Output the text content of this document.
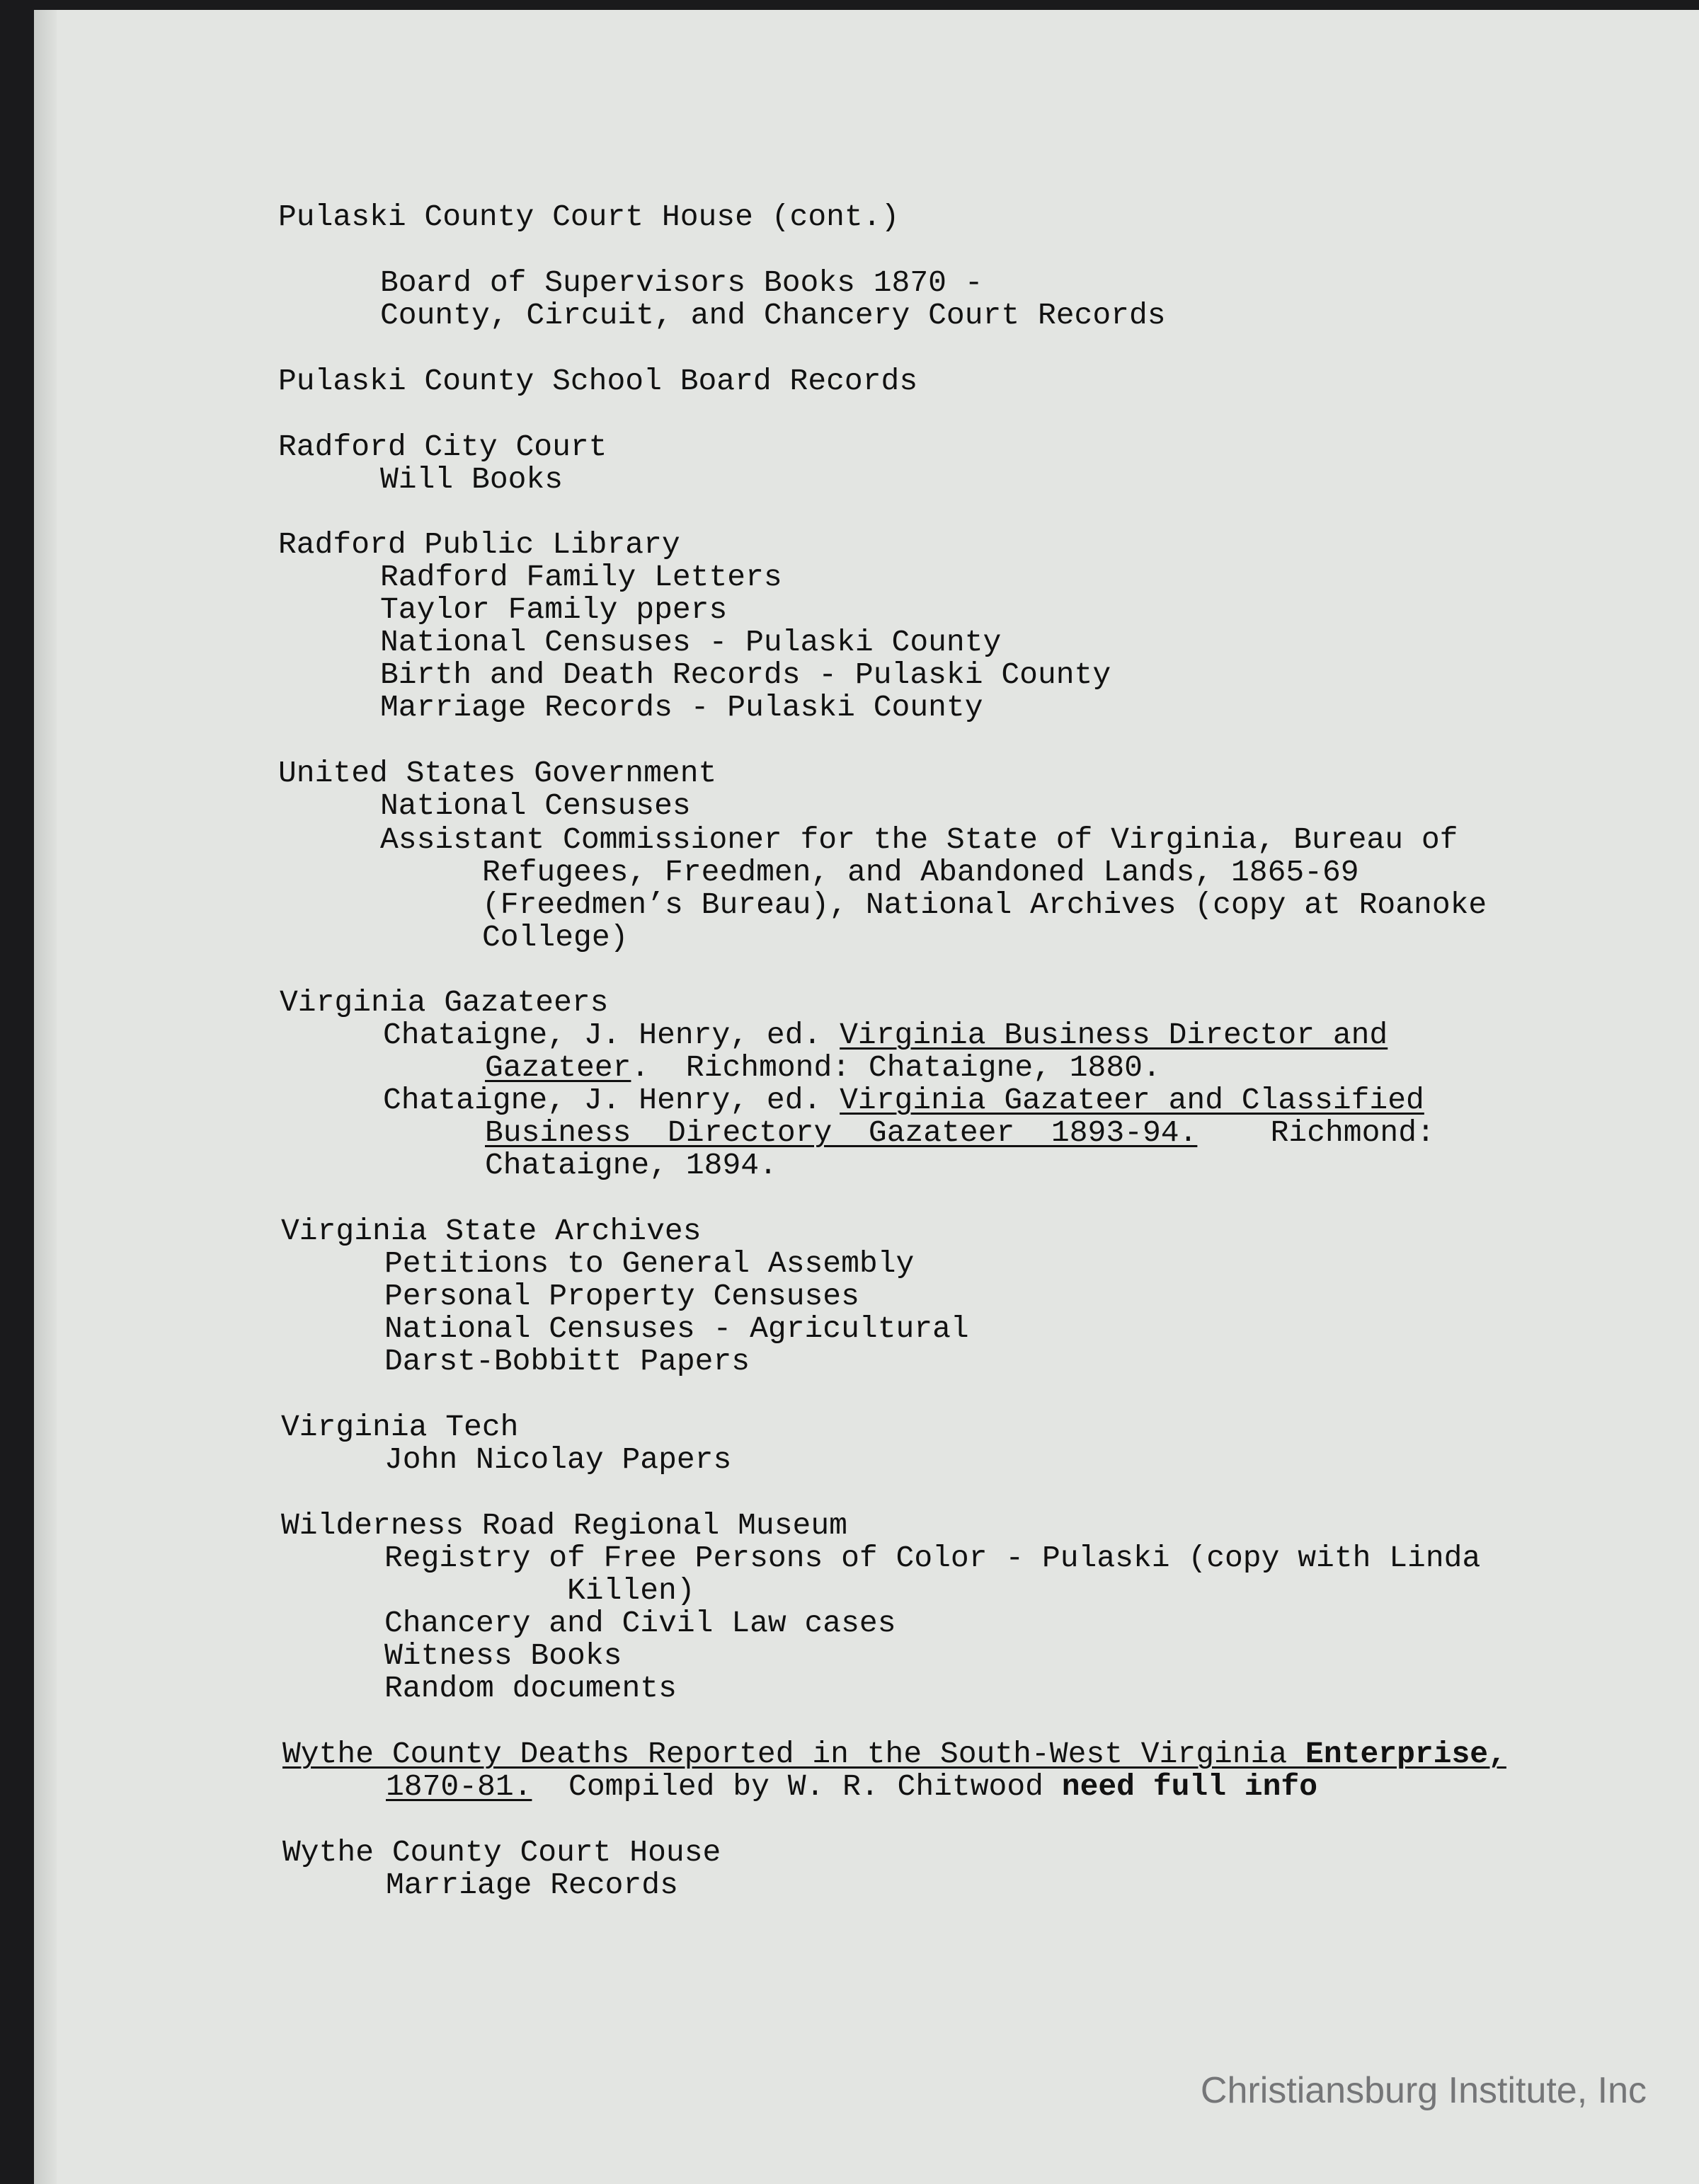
Pulaski County Court House (cont.)

Board of Supervisors Books 1870 -

County, Circuit, and Chancery Court Records

Pulaski County School Board Records

Radford City Court

Will Books

Radford Public Library

Radford Family Letters

Taylor Family ppers

National Censuses - Pulaski County

Birth and Death Records - Pulaski County

Marriage Records - Pulaski County

United States Government

National Censuses

Assistant Commissioner for the State of Virginia, Bureau of

Refugees, Freedmen, and Abandoned Lands, 1865-69

(Freedmen’s Bureau), National Archives (copy at Roanoke

College)

Virginia Gazateers

Chataigne, J. Henry, ed. Virginia Business Director and

Gazateer.  Richmond: Chataigne, 1880.

Chataigne, J. Henry, ed. Virginia Gazateer and Classified

Business  Directory  Gazateer  1893-94.    Richmond:

Chataigne, 1894.

Virginia State Archives

Petitions to General Assembly

Personal Property Censuses

National Censuses - Agricultural

Darst-Bobbitt Papers

Virginia Tech

John Nicolay Papers

Wilderness Road Regional Museum

Registry of Free Persons of Color - Pulaski (copy with Linda

Killen)

Chancery and Civil Law cases

Witness Books

Random documents

Wythe County Deaths Reported in the South-West Virginia Enterprise,

1870-81.  Compiled by W. R. Chitwood need full info

Wythe County Court House

Marriage Records

Christiansburg Institute, Inc
